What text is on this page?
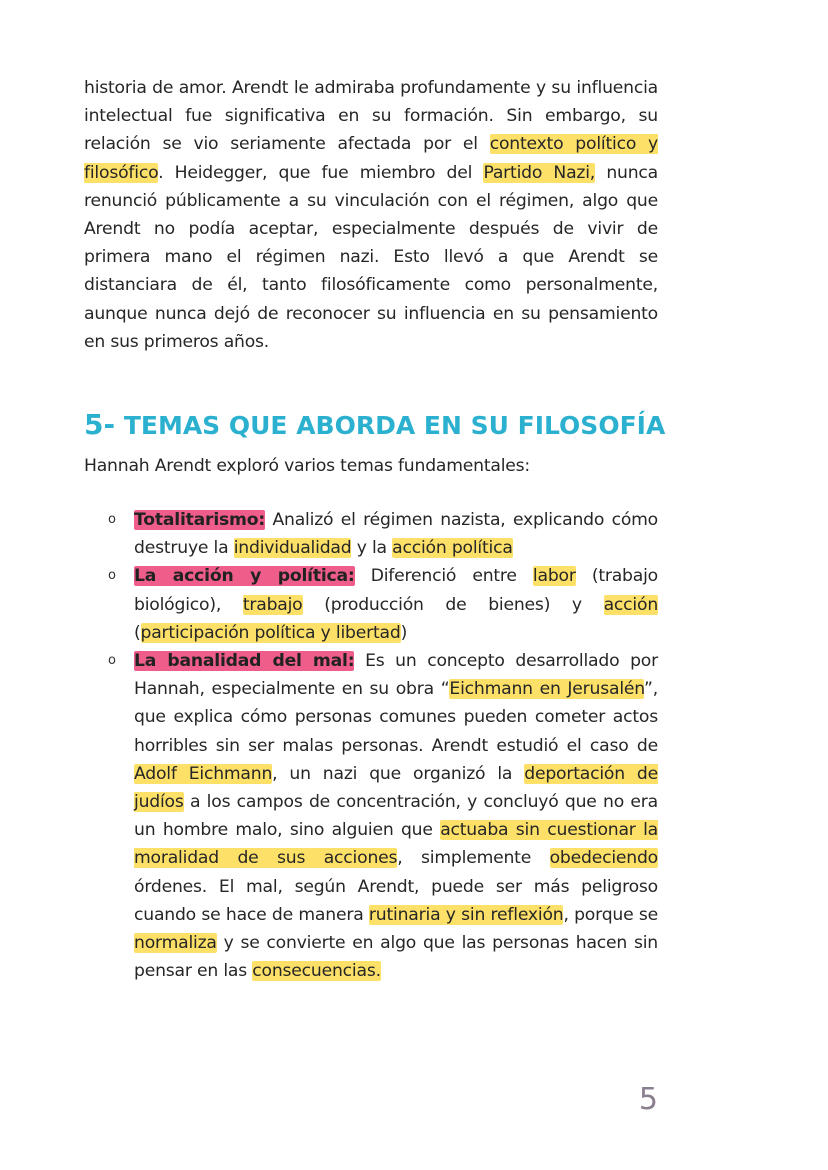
historia de amor. Arendt le admiraba profundamente y su influencia intelectual fue significativa en su formación. Sin embargo, su relación se vio seriamente afectada por el contexto político y filosófico. Heidegger, que fue miembro del Partido Nazi, nunca renunció públicamente a su vinculación con el régimen, algo que Arendt no podía aceptar, especialmente después de vivir de primera mano el régimen nazi. Esto llevó a que Arendt se distanciara de él, tanto filosóficamente como personalmente, aunque nunca dejó de reconocer su influencia en su pensamiento en sus primeros años.

5- TEMAS QUE ABORDA EN SU FILOSOFÍA

Hannah Arendt exploró varios temas fundamentales:

o Totalitarismo: Analizó el régimen nazista, explicando cómo destruye la individualidad y la acción política
o La acción y política: Diferenció entre labor (trabajo biológico), trabajo (producción de bienes) y acción (participación política y libertad)
o La banalidad del mal: Es un concepto desarrollado por Hannah, especialmente en su obra “Eichmann en Jerusalén”, que explica cómo personas comunes pueden cometer actos horribles sin ser malas personas. Arendt estudió el caso de Adolf Eichmann, un nazi que organizó la deportación de judíos a los campos de concentración, y concluyó que no era un hombre malo, sino alguien que actuaba sin cuestionar la moralidad de sus acciones, simplemente obedeciendo órdenes. El mal, según Arendt, puede ser más peligroso cuando se hace de manera rutinaria y sin reflexión, porque se normaliza y se convierte en algo que las personas hacen sin pensar en las consecuencias.

5
